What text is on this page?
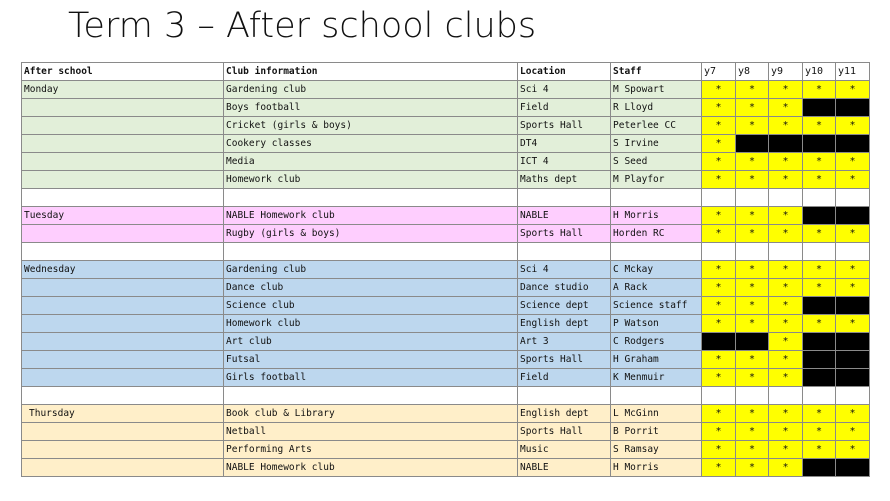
Term 3 – After school clubs
After school	Club information	Location	Staff	y7	y8	y9	y10	y11
Monday	Gardening club	Sci 4	M Spowart	*	*	*	*	*
	Boys football	Field	R Lloyd	*	*	*		
	Cricket (girls & boys)	Sports Hall	Peterlee CC	*	*	*	*	*
	Cookery classes	DT4	S Irvine	*				
	Media	ICT 4	S Seed	*	*	*	*	*
	Homework club	Maths dept	M Playfor	*	*	*	*	*

Tuesday	NABLE Homework club	NABLE	H Morris	*	*	*		
	Rugby (girls & boys)	Sports Hall	Horden RC	*	*	*	*	*

Wednesday	Gardening club	Sci 4	C Mckay	*	*	*	*	*
	Dance club	Dance studio	A Rack	*	*	*	*	*
	Science club	Science dept	Science staff	*	*	*		
	Homework club	English dept	P Watson	*	*	*	*	*
	Art club	Art 3	C Rodgers			*		
	Futsal	Sports Hall	H Graham	*	*	*		
	Girls football	Field	K Menmuir	*	*	*		

Thursday	Book club & Library	English dept	L McGinn	*	*	*	*	*
	Netball	Sports Hall	B Porrit	*	*	*	*	*
	Performing Arts	Music	S Ramsay	*	*	*	*	*
	NABLE Homework club	NABLE	H Morris	*	*	*		
